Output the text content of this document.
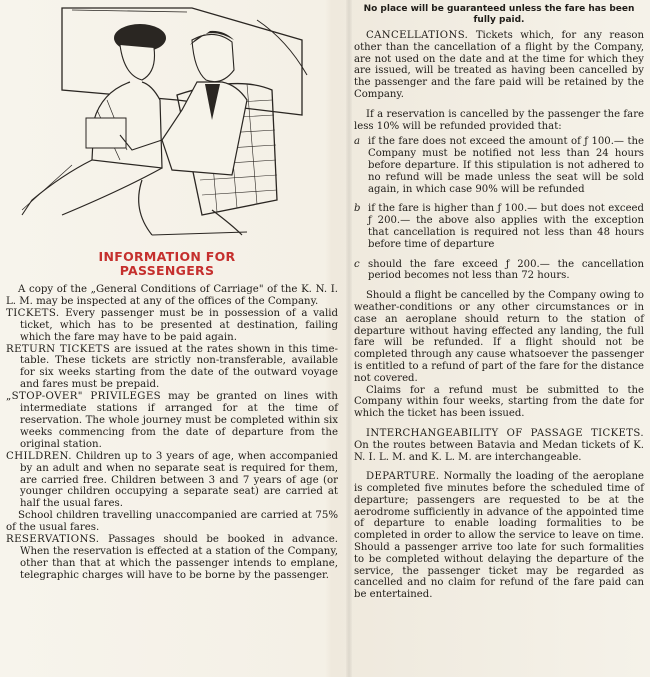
INFORMATION FOR
PASSENGERS

A copy of the „General Conditions of Carriage" of the K. N. I. L. M. may be inspected at any of the offices of the Company.

TICKETS. Every passenger must be in possession of a valid ticket, which has to be presented at destination, failing which the fare may have to be paid again.

RETURN TICKETS are issued at the rates shown in this time-table. These tickets are strictly non-transferable, available for six weeks starting from the date of the outward voyage and fares must be prepaid.

„STOP-OVER" PRIVILEGES may be granted on lines with intermediate stations if arranged for at the time of reservation. The whole journey must be completed within six weeks commencing from the date of departure from the original station.

CHILDREN. Children up to 3 years of age, when accompanied by an adult and when no separate seat is required for them, are carried free. Children between 3 and 7 years of age (or younger children occupying a separate seat) are carried at half the usual fares.

School children travelling unaccompanied are carried at 75% of the usual fares.

RESERVATIONS. Passages should be booked in advance. When the reservation is effected at a station of the Company, other than that at which the passenger intends to emplane, telegraphic charges will have to be borne by the passenger.

No place will be guaranteed unless the fare has been fully paid.

CANCELLATIONS. Tickets which, for any reason other than the cancellation of a flight by the Company, are not used on the date and at the time for which they are issued, will be treated as having been cancelled by the passenger and the fare paid will be retained by the Company.

If a reservation is cancelled by the passenger the fare less 10% will be refunded provided that:

a if the fare does not exceed the amount of ƒ 100.— the Company must be notified not less than 24 hours before departure. If this stipulation is not adhered to no refund will be made unless the seat will be sold again, in which case 90% will be refunded
b if the fare is higher than ƒ 100.— but does not exceed ƒ 200.— the above also applies with the exception that cancellation is required not less than 48 hours before time of departure
c should the fare exceed ƒ 200.— the cancellation period becomes not less than 72 hours.

Should a flight be cancelled by the Company owing to weather-conditions or any other circumstances or in case an aeroplane should return to the station of departure without having effected any landing, the full fare will be refunded. If a flight should not be completed through any cause whatsoever the passenger is entitled to a refund of part of the fare for the distance not covered.

Claims for a refund must be submitted to the Company within four weeks, starting from the date for which the ticket has been issued.

INTERCHANGEABILITY OF PASSAGE TICKETS. On the routes between Batavia and Medan tickets of K. N. I. L. M. and K. L. M. are interchangeable.

DEPARTURE. Normally the loading of the aeroplane is completed five minutes before the scheduled time of departure; passengers are requested to be at the aerodrome sufficiently in advance of the appointed time of departure to enable loading formalities to be completed in order to allow the service to leave on time. Should a passenger arrive too late for such formalities to be completed without delaying the departure of the service, the passenger ticket may be regarded as cancelled and no claim for refund of the fare paid can be entertained.
